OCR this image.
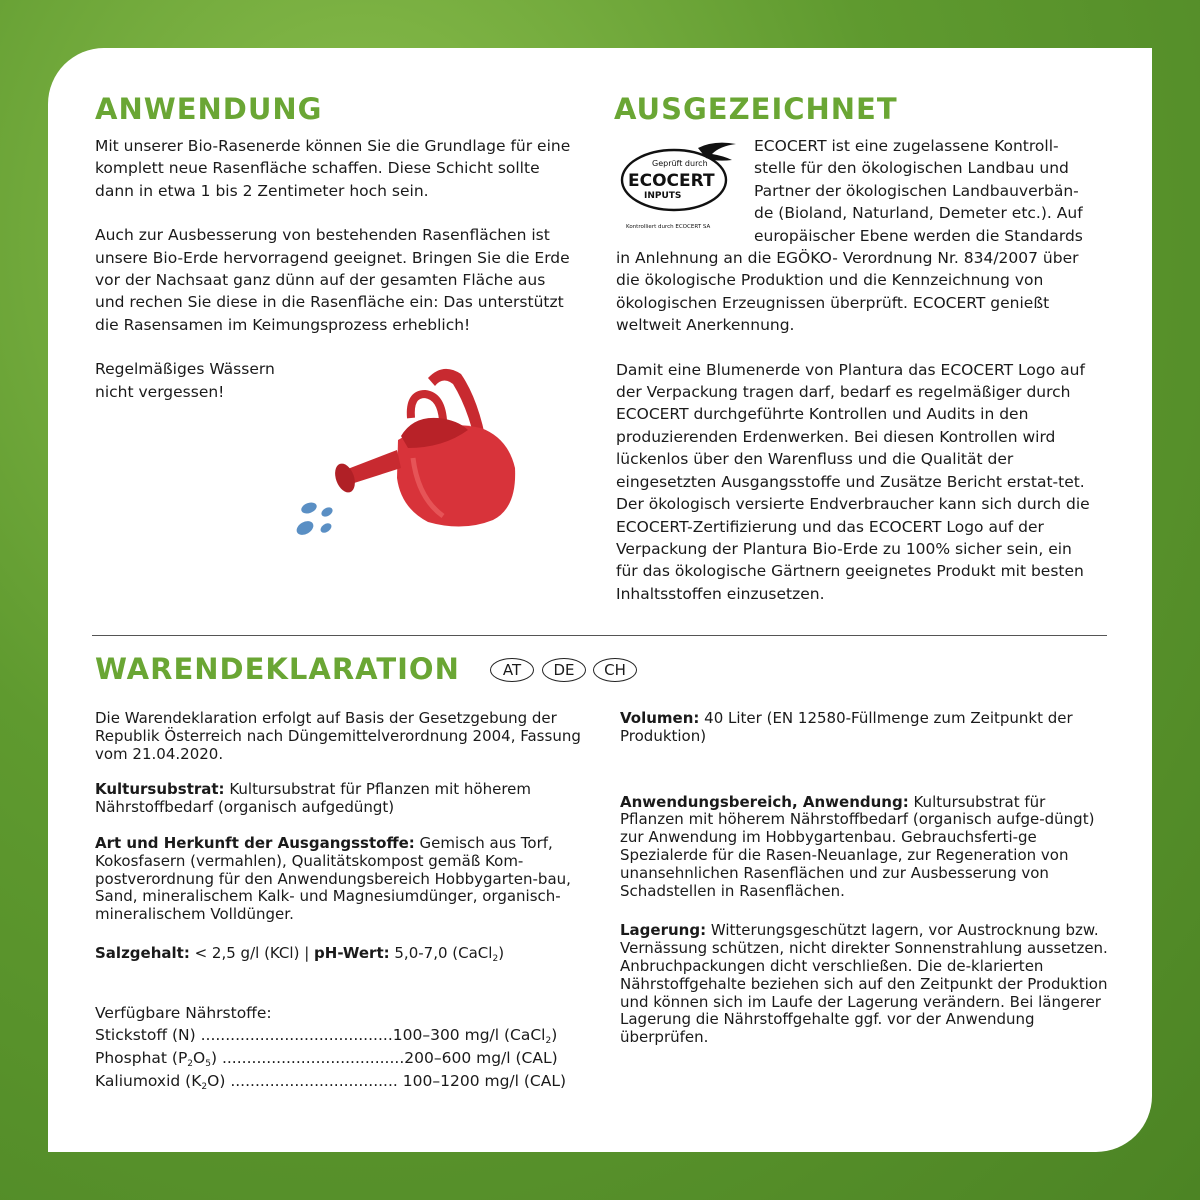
ANWENDUNG

Mit unserer Bio-Rasenerde können Sie die Grundlage für eine komplett neue Rasenfläche schaffen. Diese Schicht sollte dann in etwa 1 bis 2 Zentimeter hoch sein.

Auch zur Ausbesserung von bestehenden Rasenflächen ist unsere Bio-Erde hervorragend geeignet. Bringen Sie die Erde vor der Nachsaat ganz dünn auf der gesamten Fläche aus und rechen Sie diese in die Rasenfläche ein: Das unterstützt die Rasensamen im Keimungsprozess erheblich!

Regelmäßiges Wässern
nicht vergessen!

AUSGEZEICHNET
Geprüft durch
ECOCERT
INPUTS
Kontrolliert durch ECOCERT SA
ECOCERT ist eine zugelassene Kontroll-
stelle für den ökologischen Landbau und
Partner der ökologischen Landbauverbän-
de (Bioland, Naturland, Demeter etc.). Auf
europäischer Ebene werden die Standards
in Anlehnung an die EGÖKO- Verordnung Nr. 834/2007 über
die ökologische Produktion und die Kennzeichnung von
ökologischen Erzeugnissen überprüft. ECOCERT genießt
weltweit Anerkennung.

Damit eine Blumenerde von Plantura das ECOCERT Logo auf der Verpackung tragen darf, bedarf es regelmäßiger durch ECOCERT durchgeführte Kontrollen und Audits in den produzierenden Erdenwerken. Bei diesen Kontrollen wird lückenlos über den Warenfluss und die Qualität der eingesetzten Ausgangsstoffe und Zusätze Bericht erstat-tet. Der ökologisch versierte Endverbraucher kann sich durch die ECOCERT-Zertifizierung und das ECOCERT Logo auf der Verpackung der Plantura Bio-Erde zu 100% sicher sein, ein für das ökologische Gärtnern geeignetes Produkt mit besten Inhaltsstoffen einzusetzen.

WARENDEKLARATION	AT	DE	CH

Die Warendeklaration erfolgt auf Basis der Gesetzgebung der Republik Österreich nach Düngemittelverordnung 2004, Fassung vom 21.04.2020.

Kultursubstrat: Kultursubstrat für Pflanzen mit höherem Nährstoffbedarf (organisch aufgedüngt)

Art und Herkunft der Ausgangsstoffe: Gemisch aus Torf, Kokosfasern (vermahlen), Qualitätskompost gemäß Kom-postverordnung für den Anwendungsbereich Hobbygarten-bau, Sand, mineralischem Kalk- und Magnesiumdünger, organisch-mineralischem Volldünger.

Salzgehalt: < 2,5 g/l (KCl) | pH-Wert: 5,0-7,0 (CaCl$_2$)

Verfügbare Nährstoffe:
Stickstoff (N) .......................................100–300 mg/l (CaCl$_2$)
Phosphat $(P_2O_5)$ .....................................200–600 mg/l (CAL)
Kaliumoxid $(K_2O)$ .................................. 100–1200 mg/l (CAL)

Volumen: 40 Liter (EN 12580-Füllmenge zum Zeitpunkt der Produktion)

Anwendungsbereich, Anwendung: Kultursubstrat für Pflanzen mit höherem Nährstoffbedarf (organisch aufge-düngt) zur Anwendung im Hobbygartenbau. Gebrauchsferti-ge Spezialerde für die Rasen-Neuanlage, zur Regeneration von unansehnlichen Rasenflächen und zur Ausbesserung von Schadstellen in Rasenflächen.

Lagerung: Witterungsgeschützt lagern, vor Austrocknung bzw. Vernässung schützen, nicht direkter Sonnenstrahlung aussetzen. Anbruchpackungen dicht verschließen. Die de-klarierten Nährstoffgehalte beziehen sich auf den Zeitpunkt der Produktion und können sich im Laufe der Lagerung verändern. Bei längerer Lagerung die Nährstoffgehalte ggf. vor der Anwendung überprüfen.
